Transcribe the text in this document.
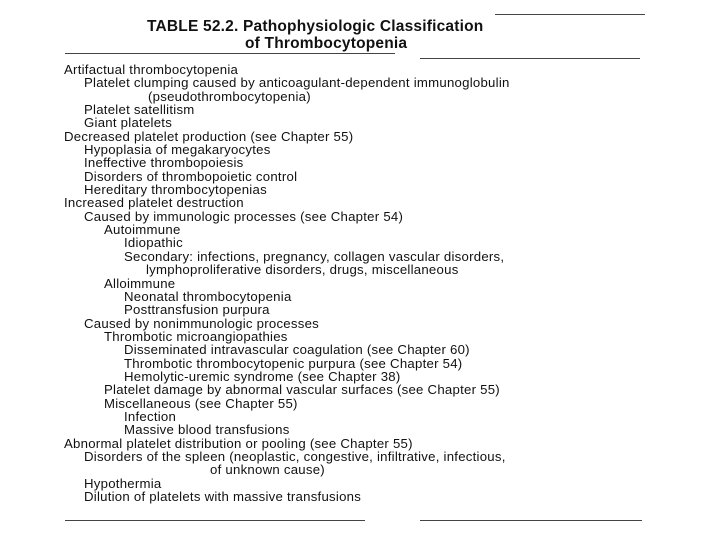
TABLE 52.2. Pathophysiologic Classification
of Thrombocytopenia
Artifactual thrombocytopenia
Platelet clumping caused by anticoagulant-dependent immunoglobulin
(pseudothrombocytopenia)
Platelet satellitism
Giant platelets
Decreased platelet production (see Chapter 55)
Hypoplasia of megakaryocytes
Ineffective thrombopoiesis
Disorders of thrombopoietic control
Hereditary thrombocytopenias
Increased platelet destruction
Caused by immunologic processes (see Chapter 54)
Autoimmune
Idiopathic
Secondary: infections, pregnancy, collagen vascular disorders,
lymphoproliferative disorders, drugs, miscellaneous
Alloimmune
Neonatal thrombocytopenia
Posttransfusion purpura
Caused by nonimmunologic processes
Thrombotic microangiopathies
Disseminated intravascular coagulation (see Chapter 60)
Thrombotic thrombocytopenic purpura (see Chapter 54)
Hemolytic-uremic syndrome (see Chapter 38)
Platelet damage by abnormal vascular surfaces (see Chapter 55)
Miscellaneous (see Chapter 55)
Infection
Massive blood transfusions
Abnormal platelet distribution or pooling (see Chapter 55)
Disorders of the spleen (neoplastic, congestive, infiltrative, infectious,
of unknown cause)
Hypothermia
Dilution of platelets with massive transfusions
